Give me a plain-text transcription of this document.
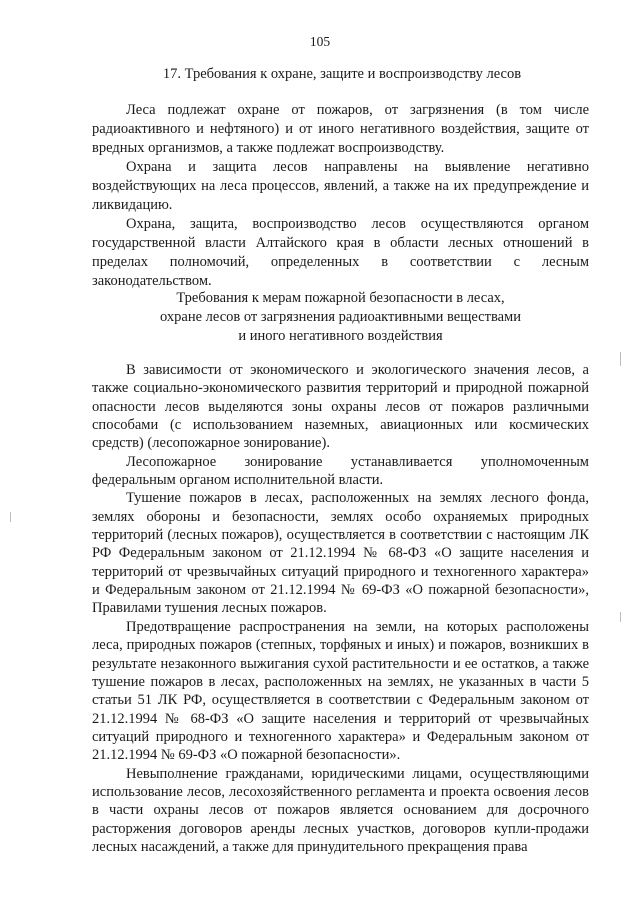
105
17. Требования к охране, защите и воспроизводству лесов

Леса подлежат охране от пожаров, от загрязнения (в том числе радиоактивного и нефтяного) и от иного негативного воздействия, защите от вредных организмов, а также подлежат воспроизводству.

Охрана и защита лесов направлены на выявление негативно воздействующих на леса процессов, явлений, а также на их предупреждение и ликвидацию.

Охрана, защита, воспроизводство лесов осуществляются органом государственной власти Алтайского края в области лесных отношений в пределах полномочий, определенных в соответствии с лесным законодательством.

Требования к мерам пожарной безопасности в лесах,

охране лесов от загрязнения радиоактивными веществами

и иного негативного воздействия

В зависимости от экономического и экологического значения лесов, а также социально-экономического развития территорий и природной пожарной опасности лесов выделяются зоны охраны лесов от пожаров различными способами (с использованием наземных, авиационных или космических средств) (лесопожарное зонирование).

Лесопожарное зонирование устанавливается уполномоченным федеральным органом исполнительной власти.

Тушение пожаров в лесах, расположенных на землях лесного фонда, землях обороны и безопасности, землях особо охраняемых природных территорий (лесных пожаров), осуществляется в соответствии с настоящим ЛК РФ Федеральным законом от 21.12.1994 № 68-ФЗ «О защите населения и территорий от чрезвычайных ситуаций природного и техногенного характера» и Федеральным законом от 21.12.1994 № 69-ФЗ «О пожарной безопасности», Правилами тушения лесных пожаров.

Предотвращение распространения на земли, на которых расположены леса, природных пожаров (степных, торфяных и иных) и пожаров, возникших в результате незаконного выжигания сухой растительности и ее остатков, а также тушение пожаров в лесах, расположенных на землях, не указанных в части 5 статьи 51 ЛК РФ, осуществляется в соответствии с Федеральным законом от 21.12.1994 № 68-ФЗ «О защите населения и территорий от чрезвычайных ситуаций природного и техногенного характера» и Федеральным законом от 21.12.1994 № 69-ФЗ «О пожарной безопасности».

Невыполнение гражданами, юридическими лицами, осуществляющими использование лесов, лесохозяйственного регламента и проекта освоения лесов в части охраны лесов от пожаров является основанием для досрочного расторжения договоров аренды лесных участков, договоров купли-продажи лесных насаждений, а также для принудительного прекращения права
